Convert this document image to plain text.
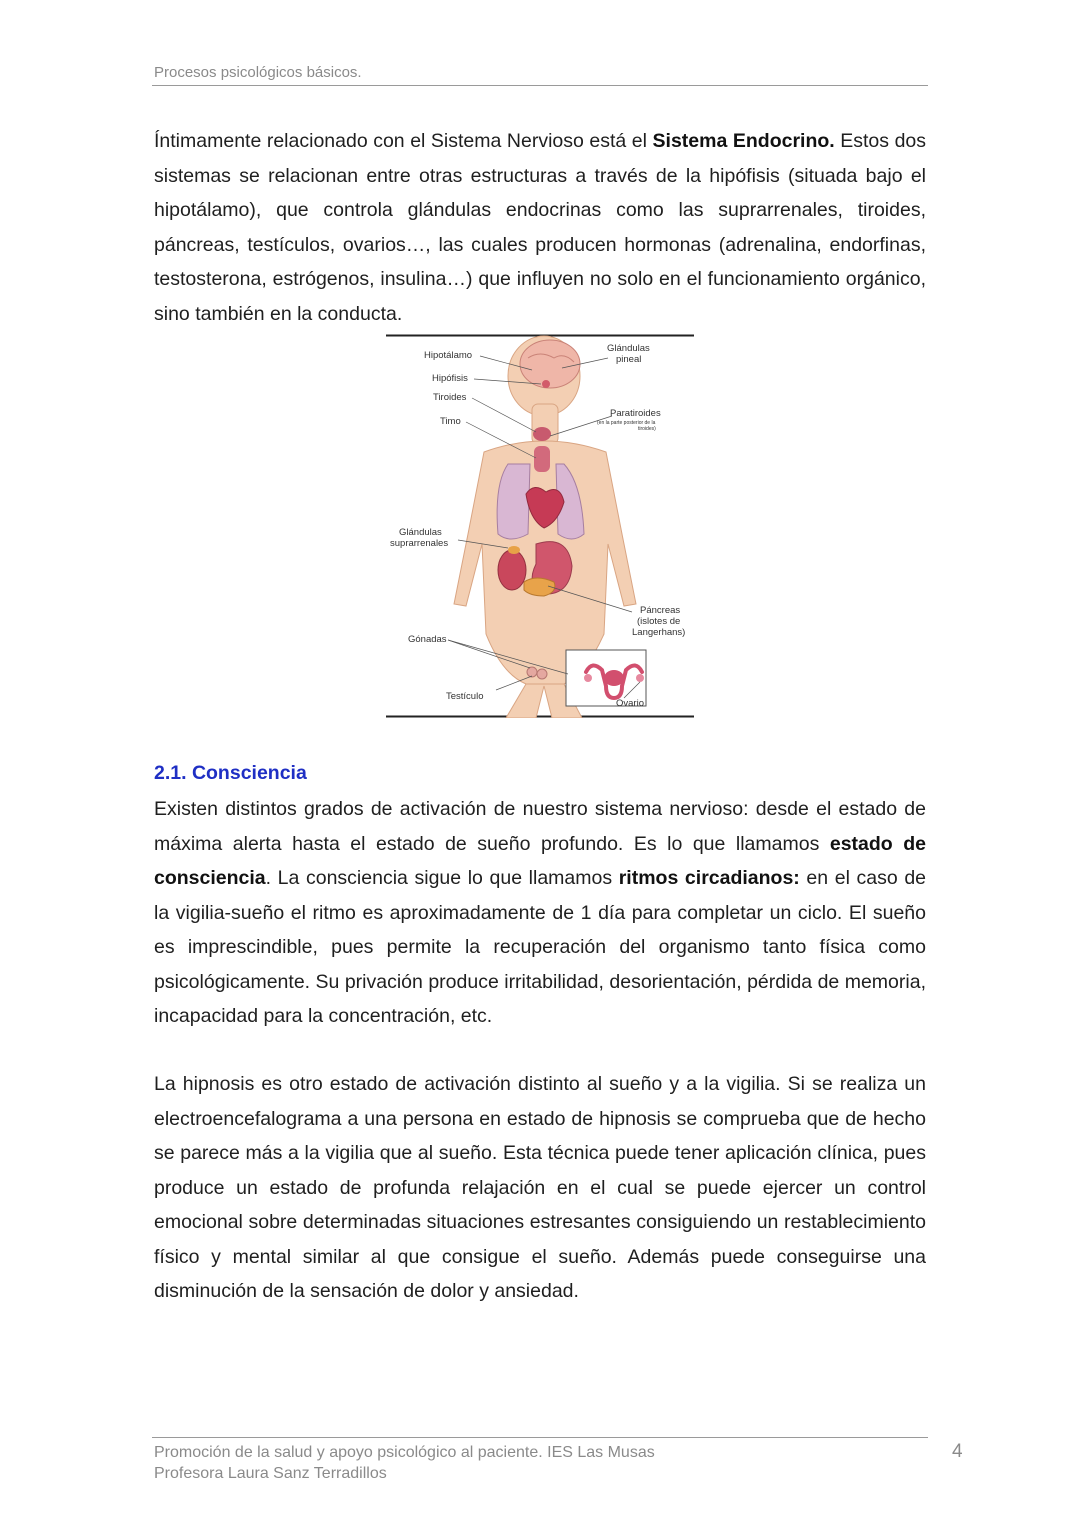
Procesos psicológicos básicos.

Íntimamente relacionado con el Sistema Nervioso está el Sistema Endocrino. Estos dos sistemas se relacionan entre otras estructuras a través de la hipófisis (situada bajo el hipotálamo), que controla glándulas endocrinas como las suprarrenales, tiroides, páncreas, testículos, ovarios…, las cuales producen hormonas (adrenalina, endorfinas, testosterona, estrógenos, insulina…) que influyen no solo en el funcionamiento orgánico, sino también en la conducta.

Hipotálamo
Hipófisis
Tiroides
Timo
Glándulas
pineal
Paratiroides
(en la parte posterior de la
tiroides)
Glándulas
suprarrenales
Páncreas
(islotes de
Langerhans)
Gónadas
Testículo
Ovario
2.1. Consciencia

Existen distintos grados de activación de nuestro sistema nervioso: desde el estado de máxima alerta hasta el estado de sueño profundo. Es lo que llamamos estado de consciencia. La consciencia sigue lo que llamamos ritmos circadianos: en el caso de la vigilia-sueño el ritmo es aproximadamente de 1 día para completar un ciclo. El sueño es imprescindible, pues permite la recuperación del organismo tanto física como psicológicamente. Su privación produce irritabilidad, desorientación, pérdida de memoria, incapacidad para la concentración, etc.

La hipnosis es otro estado de activación distinto al sueño y a la vigilia. Si se realiza un electroencefalograma a una persona en estado de hipnosis se comprueba que de hecho se parece más a la vigilia que al sueño. Esta técnica puede tener aplicación clínica, pues produce un estado de profunda relajación en el cual se puede ejercer un control emocional sobre determinadas situaciones estresantes consiguiendo un restablecimiento físico y mental similar al que consigue el sueño. Además puede conseguirse una disminución de la sensación de dolor y ansiedad.

Promoción de la salud y apoyo psicológico al paciente. IES Las Musas
Profesora Laura Sanz Terradillos
4
